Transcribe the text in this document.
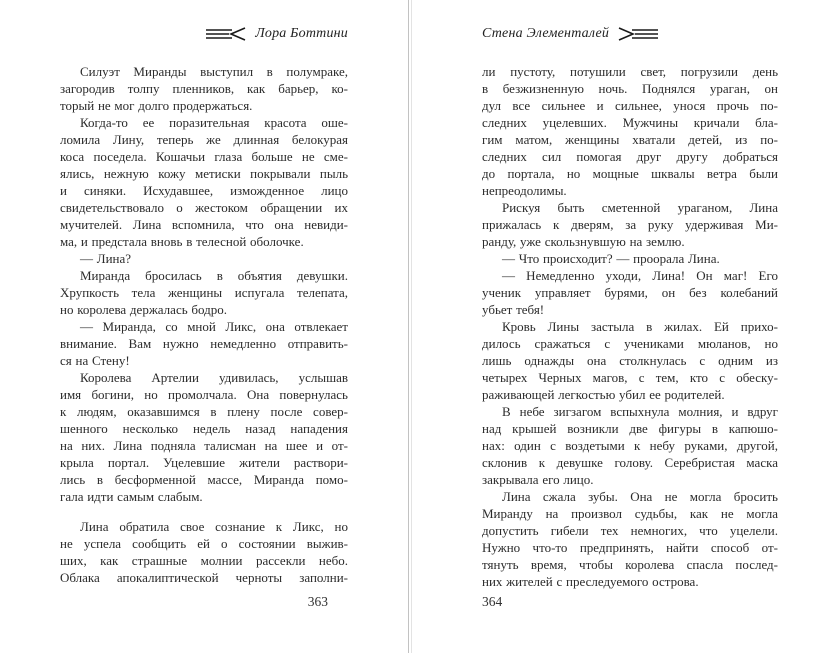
Лора Боттини
Силуэт Миранды выступил в полумраке,
загородив толпу пленников, как барьер, ко-
торый не мог долго продержаться.
Когда-то ее поразительная красота оше-
ломила Лину, теперь же длинная белокурая
коса поседела. Кошачьи глаза больше не сме-
ялись, нежную кожу метиски покрывали пыль
и синяки. Исхудавшее, изможденное лицо
свидетельствовало о жестоком обращении их
мучителей. Лина вспомнила, что она невиди-
ма, и предстала вновь в телесной оболочке.
— Лина?
Миранда бросилась в объятия девушки.
Хрупкость тела женщины испугала телепата,
но королева держалась бодро.
— Миранда, со мной Ликс, она отвлекает
внимание. Вам нужно немедленно отправить-
ся на Стену!
Королева Артелии удивилась, услышав
имя богини, но промолчала. Она повернулась
к людям, оказавшимся в плену после совер-
шенного несколько недель назад нападения
на них. Лина подняла талисман на шее и от-
крыла портал. Уцелевшие жители раствори-
лись в бесформенной массе, Миранда помо-
гала идти самым слабым.
Лина обратила свое сознание к Ликс, но
не успела сообщить ей о состоянии выжив-
ших, как страшные молнии рассекли небо.
Облака апокалиптической черноты заполни-
363
Стена Элементалей
ли пустоту, потушили свет, погрузили день
в безжизненную ночь. Поднялся ураган, он
дул все сильнее и сильнее, унося прочь по-
следних уцелевших. Мужчины кричали бла-
гим матом, женщины хватали детей, из по-
следних сил помогая друг другу добраться
до портала, но мощные шквалы ветра были
непреодолимы.
Рискуя быть сметенной ураганом, Лина
прижалась к дверям, за руку удерживая Ми-
ранду, уже скользнувшую на землю.
— Что происходит? — проорала Лина.
— Немедленно уходи, Лина! Он маг! Его
ученик управляет бурями, он без колебаний
убьет тебя!
Кровь Лины застыла в жилах. Ей прихо-
дилось сражаться с учениками мюланов, но
лишь однажды она столкнулась с одним из
четырех Черных магов, с тем, кто с обеску-
раживающей легкостью убил ее родителей.
В небе зигзагом вспыхнула молния, и вдруг
над крышей возникли две фигуры в капюшо-
нах: один с воздетыми к небу руками, другой,
склонив к девушке голову. Серебристая маска
закрывала его лицо.
Лина сжала зубы. Она не могла бросить
Миранду на произвол судьбы, как не могла
допустить гибели тех немногих, что уцелели.
Нужно что-то предпринять, найти способ от-
тянуть время, чтобы королева спасла послед-
них жителей с преследуемого острова.
364
